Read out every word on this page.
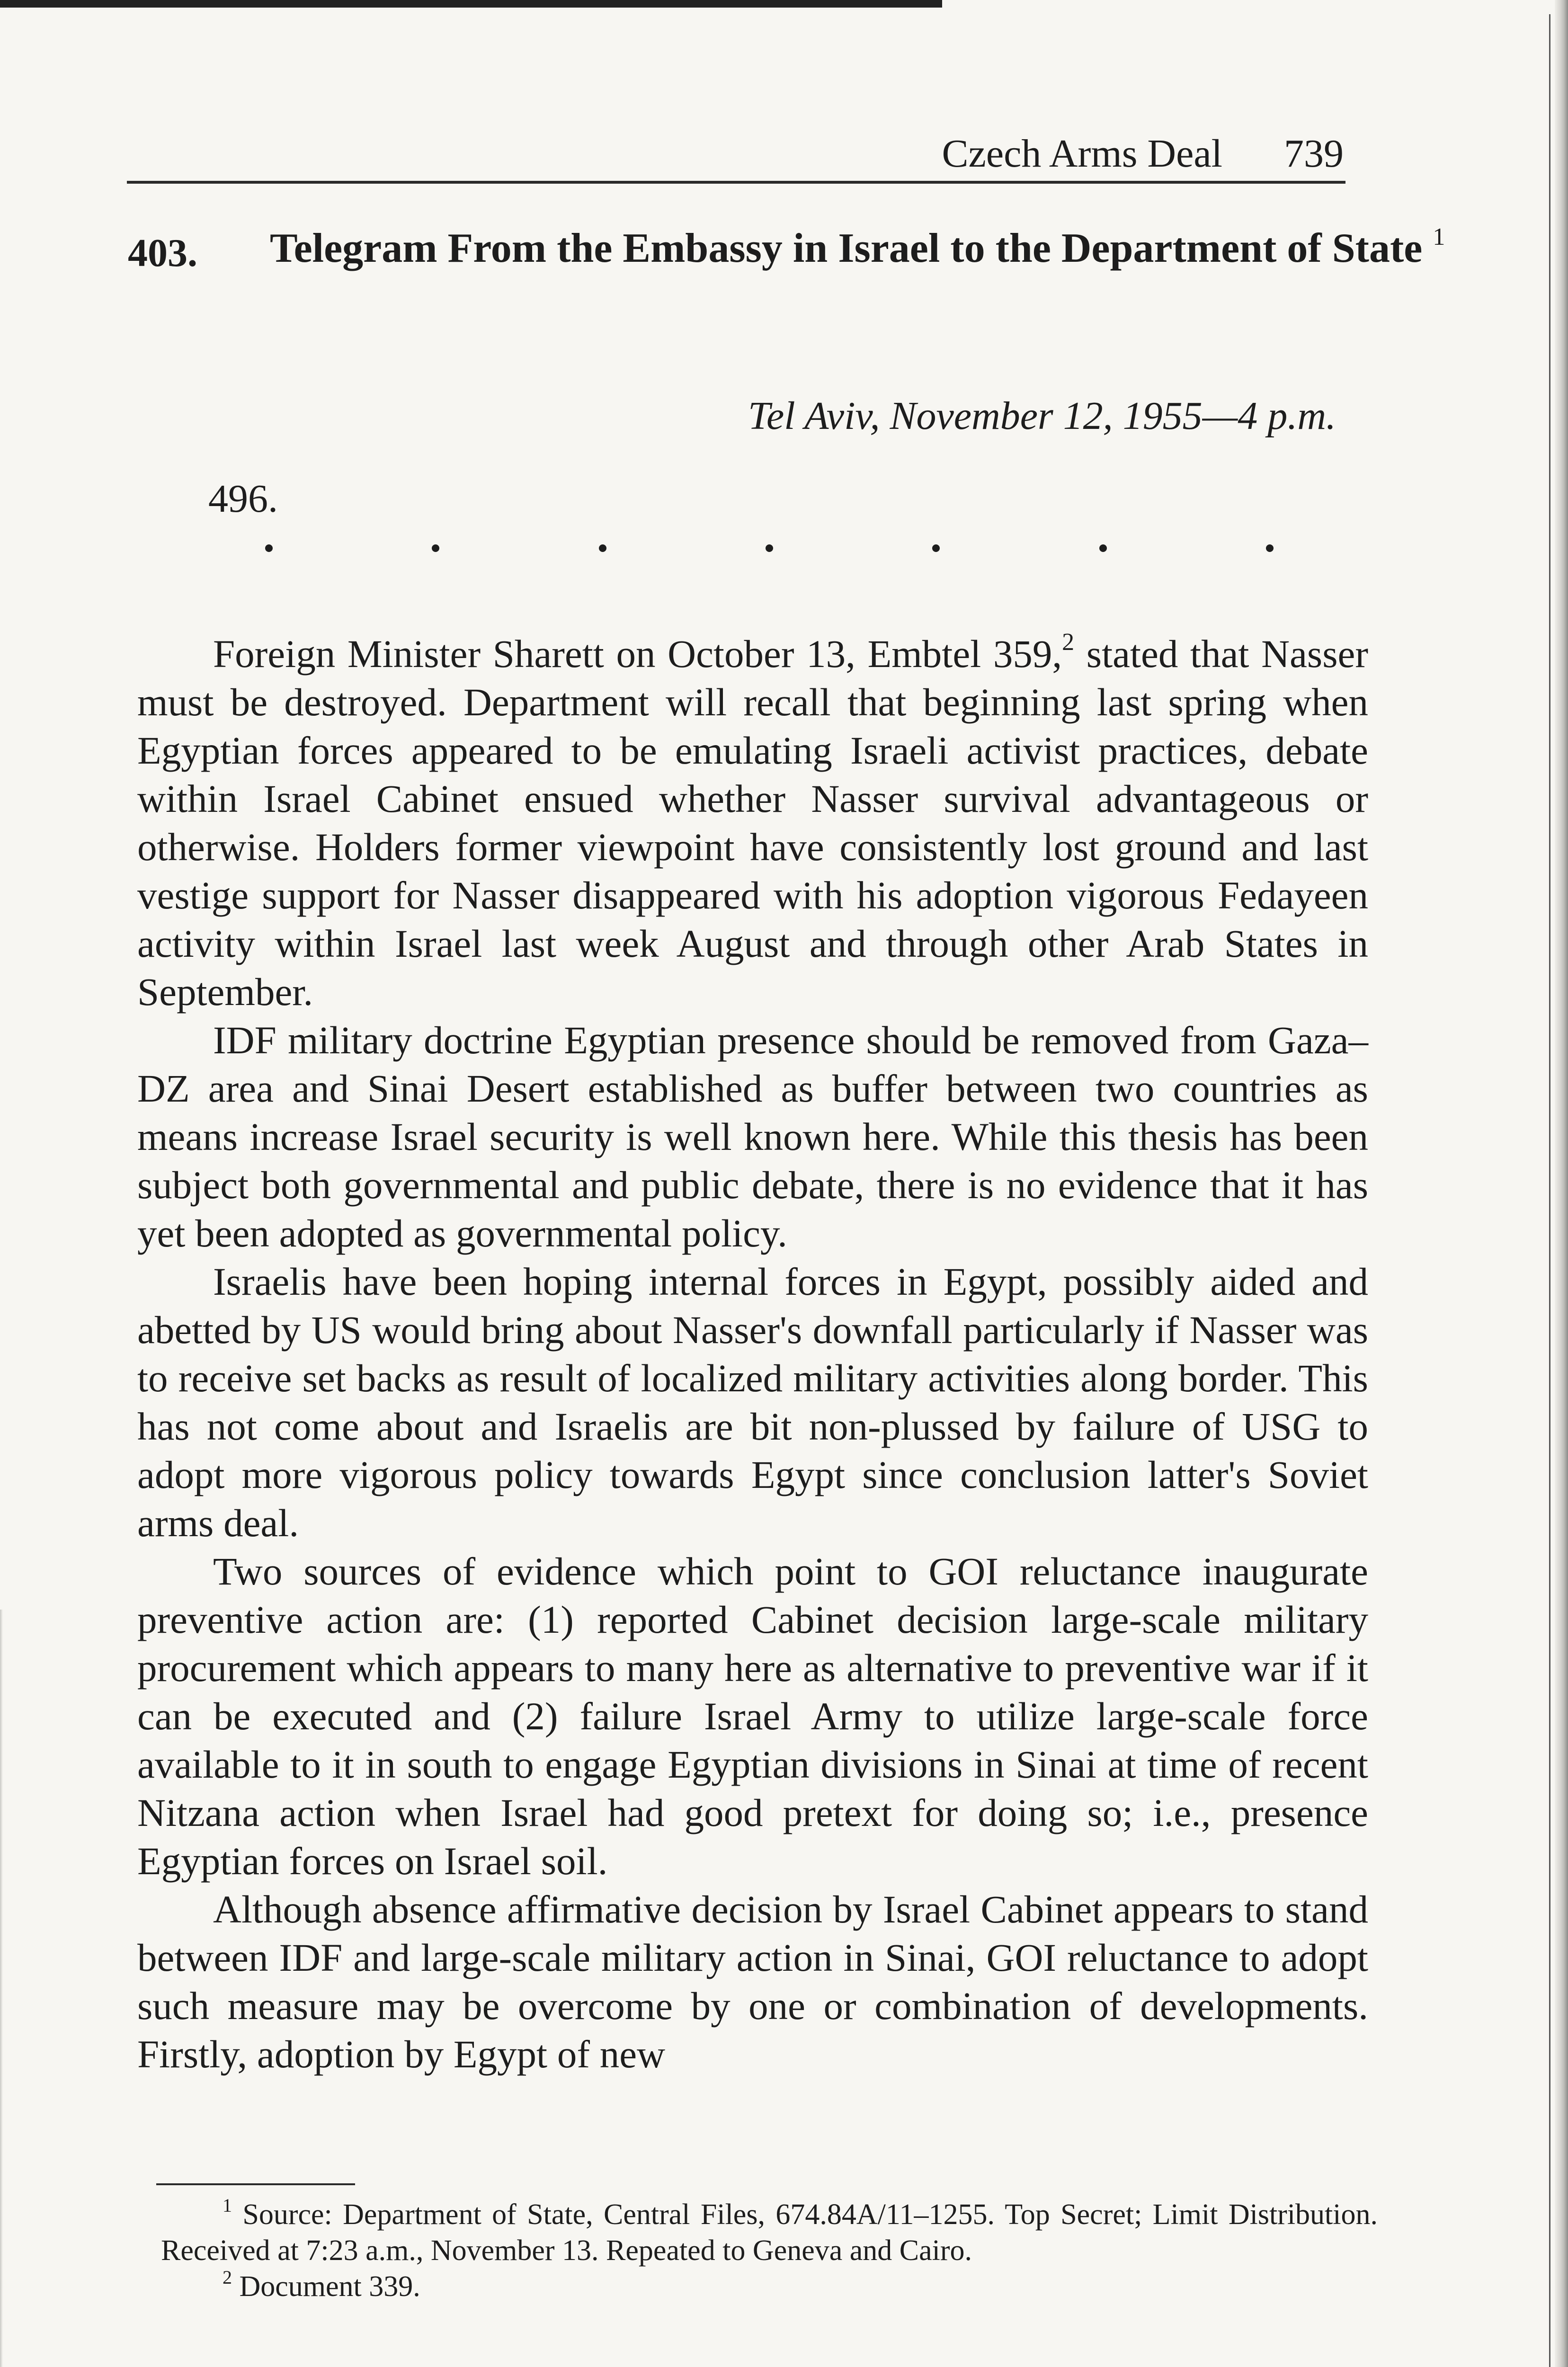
Czech Arms Deal 739
403. Telegram From the Embassy in Israel to the Department of State $^1$
Tel Aviv, November 12, 1955—4 p.m.
496.

Foreign Minister Sharett on October 13, Embtel 359,$^2$ stated that Nasser must be destroyed. Department will recall that beginning last spring when Egyptian forces appeared to be emulating Israeli activist practices, debate within Israel Cabinet ensued whether Nasser survival advantageous or otherwise. Holders former viewpoint have consistently lost ground and last vestige support for Nasser disappeared with his adoption vigorous Fedayeen activity within Israel last week August and through other Arab States in September.

IDF military doctrine Egyptian presence should be removed from Gaza–DZ area and Sinai Desert established as buffer between two countries as means increase Israel security is well known here. While this thesis has been subject both governmental and public debate, there is no evidence that it has yet been adopted as governmental policy.

Israelis have been hoping internal forces in Egypt, possibly aided and abetted by US would bring about Nasser's downfall particularly if Nasser was to receive set backs as result of localized military activities along border. This has not come about and Israelis are bit non-plussed by failure of USG to adopt more vigorous policy towards Egypt since conclusion latter's Soviet arms deal.

Two sources of evidence which point to GOI reluctance inaugurate preventive action are: (1) reported Cabinet decision large-scale military procurement which appears to many here as alternative to preventive war if it can be executed and (2) failure Israel Army to utilize large-scale force available to it in south to engage Egyptian divisions in Sinai at time of recent Nitzana action when Israel had good pretext for doing so; i.e., presence Egyptian forces on Israel soil.

Although absence affirmative decision by Israel Cabinet appears to stand between IDF and large-scale military action in Sinai, GOI reluctance to adopt such measure may be overcome by one or combination of developments. Firstly, adoption by Egypt of new

$^1$ Source: Department of State, Central Files, 674.84A/11–1255. Top Secret; Limit Distribution. Received at 7:23 a.m., November 13. Repeated to Geneva and Cairo.

$^2$ Document 339.
